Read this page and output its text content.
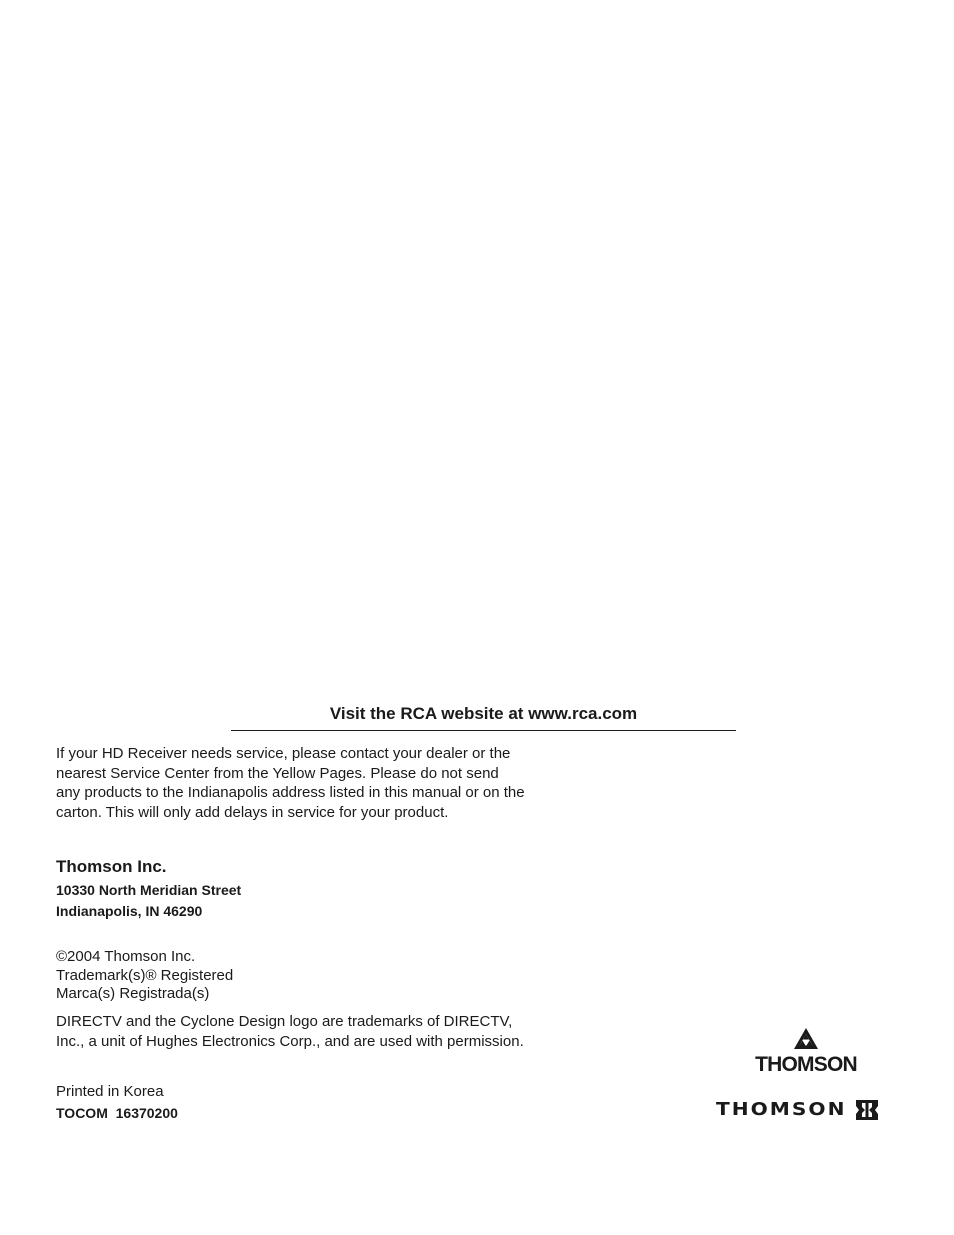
Visit the RCA website at www.rca.com
If your HD Receiver needs service, please contact your dealer or the nearest Service Center from the Yellow Pages. Please do not send any products to the Indianapolis address listed in this manual or on the carton. This will only add delays in service for your product.
Thomson Inc.
10330 North Meridian Street
Indianapolis, IN 46290
©2004 Thomson Inc.
Trademark(s)® Registered
Marca(s) Registrada(s)
DIRECTV and the Cyclone Design logo are trademarks of DIRECTV, Inc., a unit of Hughes Electronics Corp., and are used with permission.
Printed in Korea
TOCOM  16370200
THOMSON
THOMSON
